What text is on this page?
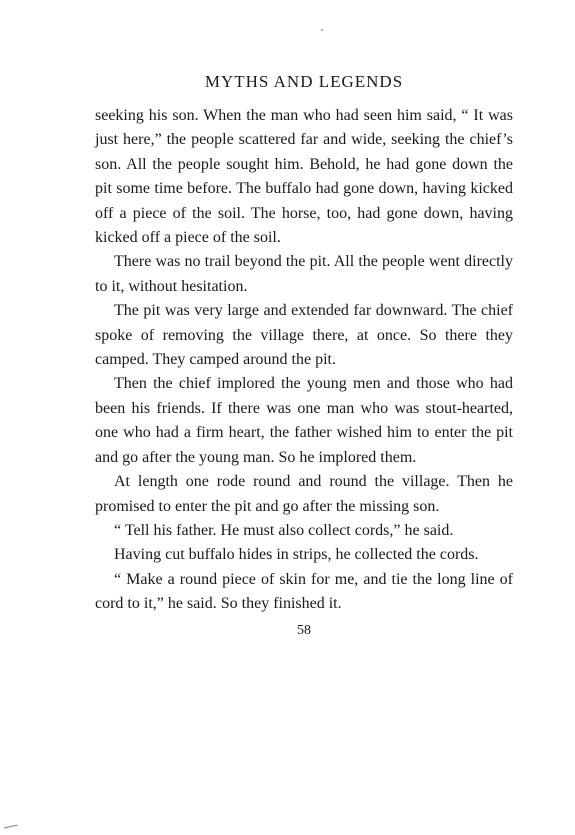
MYTHS AND LEGENDS

seeking his son. When the man who had seen him said, “ It was just here,” the people scattered far and wide, seeking the chief’s son. All the people sought him. Behold, he had gone down the pit some time before. The buffalo had gone down, having kicked off a piece of the soil. The horse, too, had gone down, having kicked off a piece of the soil.

There was no trail beyond the pit. All the people went directly to it, without hesitation.

The pit was very large and extended far downward. The chief spoke of removing the village there, at once. So there they camped. They camped around the pit.

Then the chief implored the young men and those who had been his friends. If there was one man who was stout-hearted, one who had a firm heart, the father wished him to enter the pit and go after the young man. So he implored them.

At length one rode round and round the village. Then he promised to enter the pit and go after the missing son.

“ Tell his father. He must also collect cords,” he said.

Having cut buffalo hides in strips, he collected the cords.

“ Make a round piece of skin for me, and tie the long line of cord to it,” he said. So they finished it.

58
